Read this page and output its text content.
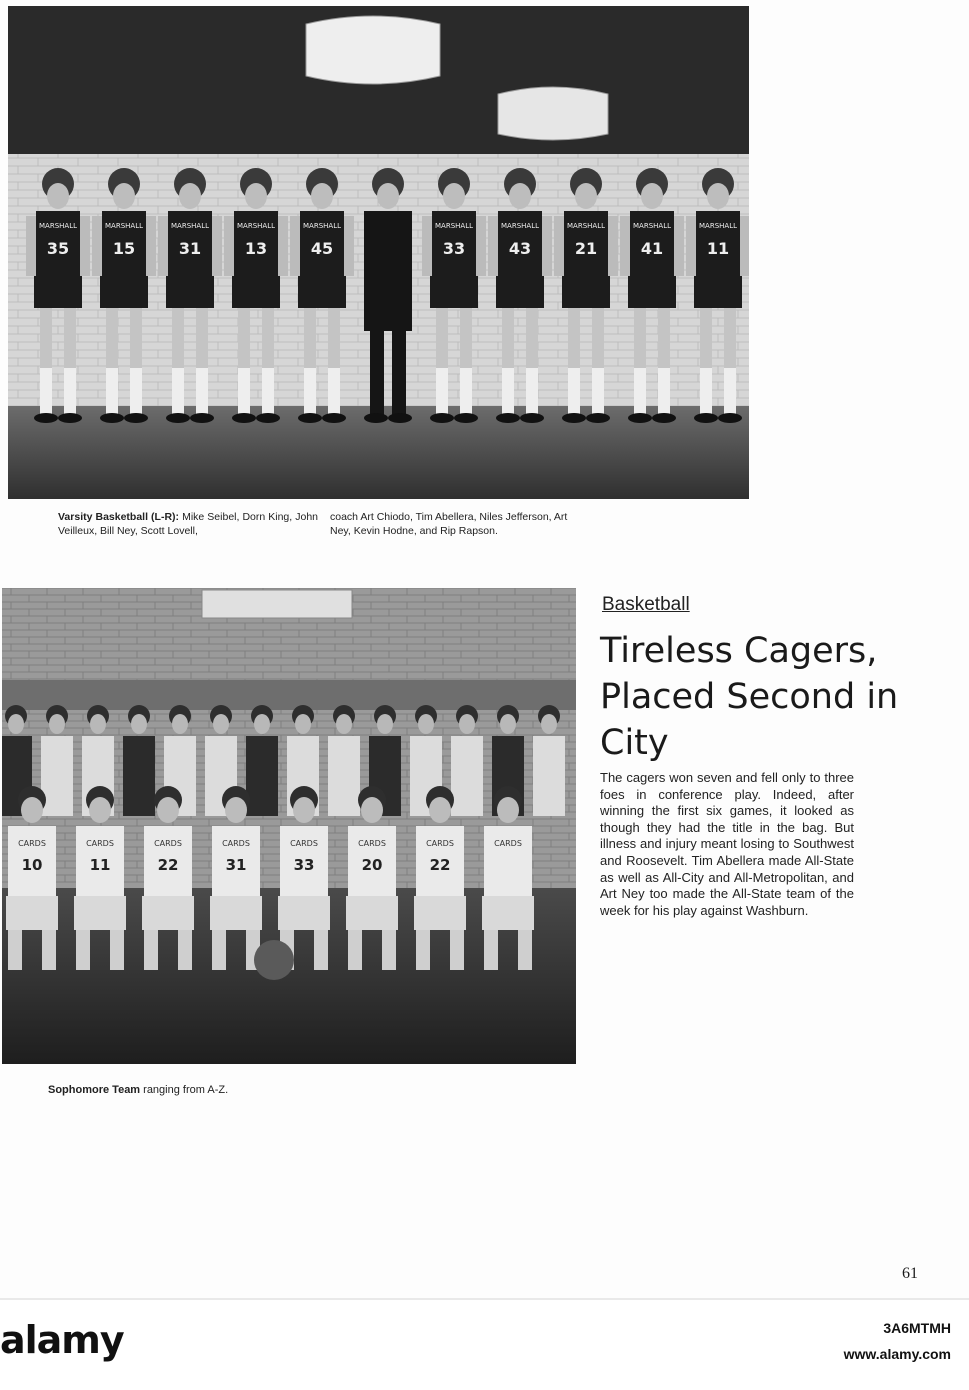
35
MARSHALL
15
MARSHALL
31
MARSHALL
13
MARSHALL
45
MARSHALL
33
MARSHALL
43
MARSHALL
21
MARSHALL
41
MARSHALL
11
MARSHALL
Varsity Basketball (L-R): Mike Seibel, Dorn King, John Veilleux, Bill Ney, Scott Lovell,
coach Art Chiodo, Tim Abellera, Niles Jefferson, Art Ney, Kevin Hodne, and Rip Rapson.
CARDS
10
CARDS
11
CARDS
22
CARDS
31
CARDS
33
CARDS
20
CARDS
22
CARDS
Sophomore Team ranging from A-Z.
Basketball
Tireless Cagers, Placed Second in City
The cagers won seven and fell only to three foes in conference play. Indeed, after winning the first six games, it looked as though they had the title in the bag. But illness and injury meant losing to Southwest and Roosevelt. Tim Abellera made All-State as well as All-City and All-Metropolitan, and Art Ney too made the All-State team of the week for his play against Washburn.
61
alamy	3A6MTMH
www.alamy.com
